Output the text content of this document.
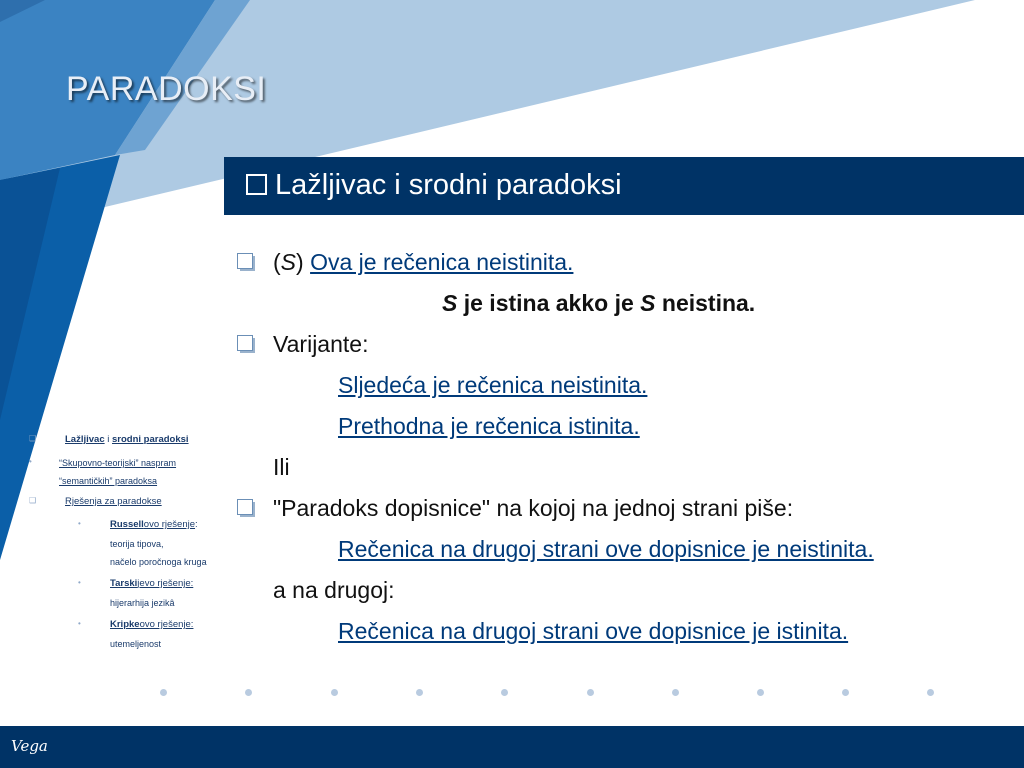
PARADOKSI
Lažljivac i srodni paradoksi
(S) Ova je rečenica neistinita.
S je istina akko je S neistina.
Varijante:
Sljedeća je rečenica neistinita.
Prethodna je rečenica istinita.
Ili
"Paradoks dopisnice" na kojoj na jednoj strani piše:
Rečenica na drugoj strani ove dopisnice je neistinita.
a na drugoj:
Rečenica na drugoj strani ove dopisnice je istinita.
❑	Lažljivac i srodni paradoksi
•	“Skupovno-teorijski” naspram

“semantičkih” paradoksa
❑	Rješenja za paradokse
•	Russellovo rješenje:
teorija tipova,
načelo poročnoga kruga
•	Tarskijevo rješenje:
hijerarhija jezikâ
•	Kripkeovo rješenje:
utemeljenost
Vega
